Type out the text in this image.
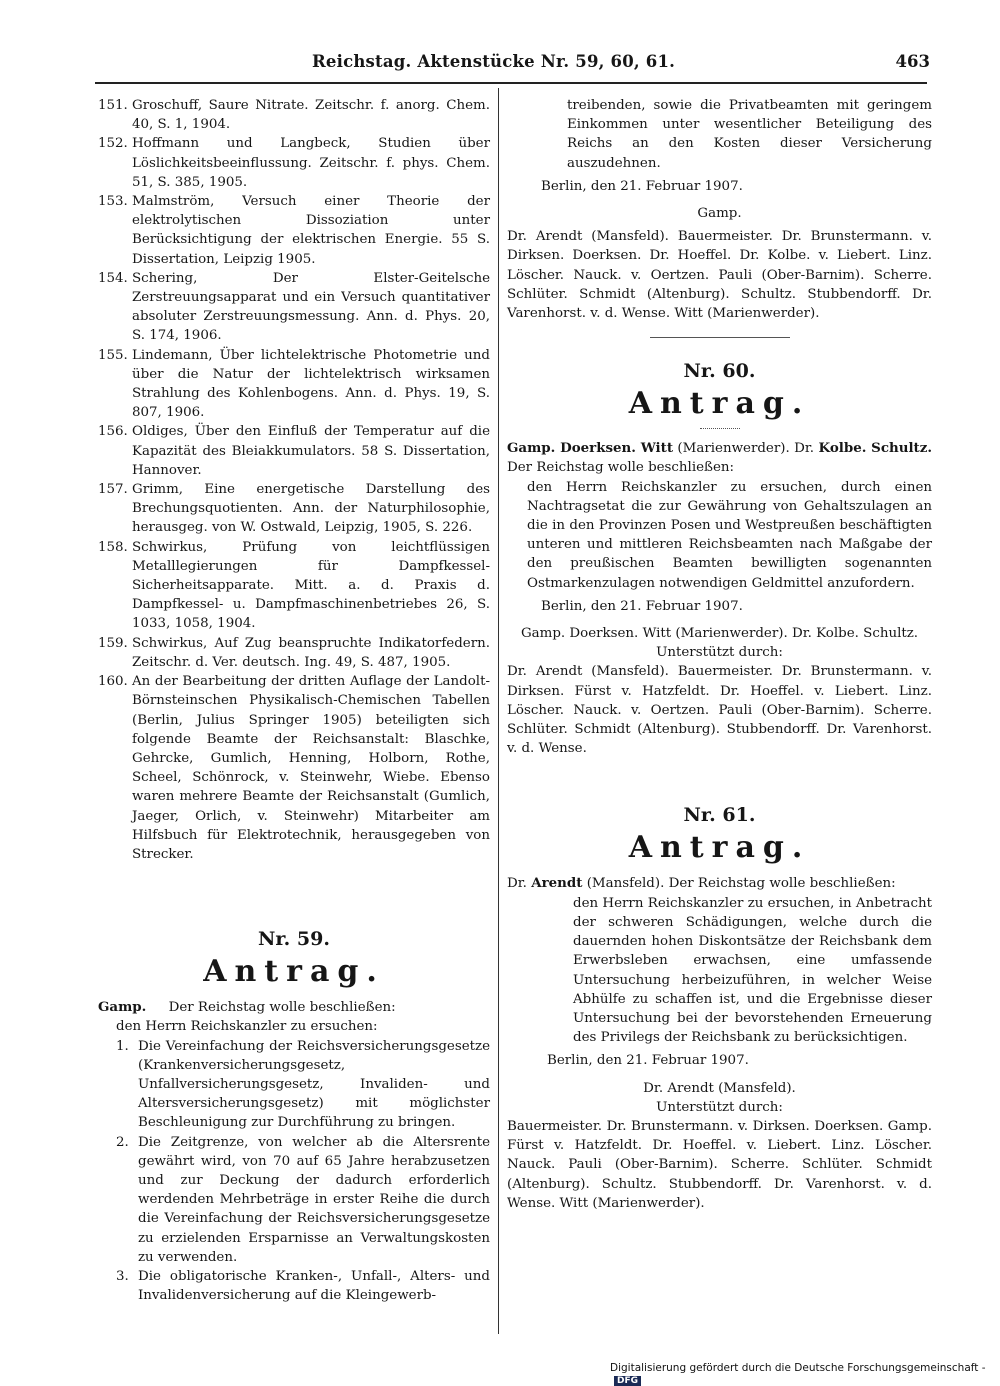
Reichstag. Aktenstücke Nr. 59, 60, 61.	463
151. Groschuff, Saure Nitrate. Zeitschr. f. anorg. Chem. 40, S. 1, 1904.
152. Hoffmann und Langbeck, Studien über Löslichkeitsbeeinflussung. Zeitschr. f. phys. Chem. 51, S. 385, 1905.
153. Malmström, Versuch einer Theorie der elektrolytischen Dissoziation unter Berücksichtigung der elektrischen Energie. 55 S. Dissertation, Leipzig 1905.
154. Schering, Der Elster-Geitelsche Zerstreuungsapparat und ein Versuch quantitativer absoluter Zerstreuungsmessung. Ann. d. Phys. 20, S. 174, 1906.
155. Lindemann, Über lichtelektrische Photometrie und über die Natur der lichtelektrisch wirksamen Strahlung des Kohlenbogens. Ann. d. Phys. 19, S. 807, 1906.
156. Oldiges, Über den Einfluß der Temperatur auf die Kapazität des Bleiakkumulators. 58 S. Dissertation, Hannover.
157. Grimm, Eine energetische Darstellung des Brechungsquotienten. Ann. der Naturphilosophie, herausgeg. von W. Ostwald, Leipzig, 1905, S. 226.
158. Schwirkus, Prüfung von leichtflüssigen Metalllegierungen für Dampfkessel-Sicherheitsapparate. Mitt. a. d. Praxis d. Dampfkessel- u. Dampfmaschinenbetriebes 26, S. 1033, 1058, 1904.
159. Schwirkus, Auf Zug beanspruchte Indikatorfedern. Zeitschr. d. Ver. deutsch. Ing. 49, S. 487, 1905.
160. An der Bearbeitung der dritten Auflage der Landolt-Börnsteinschen Physikalisch-Chemischen Tabellen (Berlin, Julius Springer 1905) beteiligten sich folgende Beamte der Reichsanstalt: Blaschke, Gehrcke, Gumlich, Henning, Holborn, Rothe, Scheel, Schönrock, v. Steinwehr, Wiebe. Ebenso waren mehrere Beamte der Reichsanstalt (Gumlich, Jaeger, Orlich, v. Steinwehr) Mitarbeiter am Hilfsbuch für Elektrotechnik, herausgegeben von Strecker.
Nr. 59.
Antrag.
Gamp. Der Reichstag wolle beschließen:
den Herrn Reichskanzler zu ersuchen:
1. Die Vereinfachung der Reichsversicherungsgesetze (Krankenversicherungsgesetz, Unfallversicherungsgesetz, Invaliden- und Altersversicherungsgesetz) mit möglichster Beschleunigung zur Durchführung zu bringen.
2. Die Zeitgrenze, von welcher ab die Altersrente gewährt wird, von 70 auf 65 Jahre herabzusetzen und zur Deckung der dadurch erforderlich werdenden Mehrbeträge in erster Reihe die durch die Vereinfachung der Reichsversicherungsgesetze zu erzielenden Ersparnisse an Verwaltungskosten zu verwenden.
3. Die obligatorische Kranken-, Unfall-, Alters- und Invalidenversicherung auf die Kleingewerb-
treibenden, sowie die Privatbeamten mit geringem Einkommen unter wesentlicher Beteiligung des Reichs an den Kosten dieser Versicherung auszudehnen.
Berlin, den 21. Februar 1907.
Gamp.
Dr. Arendt (Mansfeld). Bauermeister. Dr. Brunstermann. v. Dirksen. Doerksen. Dr. Hoeffel. Dr. Kolbe. v. Liebert. Linz. Löscher. Nauck. v. Oertzen. Pauli (Ober-Barnim). Scherre. Schlüter. Schmidt (Altenburg). Schultz. Stubbendorff. Dr. Varenhorst. v. d. Wense. Witt (Marienwerder).
Nr. 60.
Antrag.
Gamp. Doerksen. Witt (Marienwerder). Dr. Kolbe. Schultz. Der Reichstag wolle beschließen:
den Herrn Reichskanzler zu ersuchen, durch einen Nachtragsetat die zur Gewährung von Gehaltszulagen an die in den Provinzen Posen und Westpreußen beschäftigten unteren und mittleren Reichsbeamten nach Maßgabe der den preußischen Beamten bewilligten sogenannten Ostmarkenzulagen notwendigen Geldmittel anzufordern.
Berlin, den 21. Februar 1907.
Gamp. Doerksen. Witt (Marienwerder). Dr. Kolbe. Schultz.
Unterstützt durch:
Dr. Arendt (Mansfeld). Bauermeister. Dr. Brunstermann. v. Dirksen. Fürst v. Hatzfeldt. Dr. Hoeffel. v. Liebert. Linz. Löscher. Nauck. v. Oertzen. Pauli (Ober-Barnim). Scherre. Schlüter. Schmidt (Altenburg). Stubbendorff. Dr. Varenhorst. v. d. Wense.
Nr. 61.
Antrag.
Dr. Arendt (Mansfeld). Der Reichstag wolle beschließen:
den Herrn Reichskanzler zu ersuchen, in Anbetracht der schweren Schädigungen, welche durch die dauernden hohen Diskontsätze der Reichsbank dem Erwerbsleben erwachsen, eine umfassende Untersuchung herbeizuführen, in welcher Weise Abhülfe zu schaffen ist, und die Ergebnisse dieser Untersuchung bei der bevorstehenden Erneuerung des Privilegs der Reichsbank zu berücksichtigen.
Berlin, den 21. Februar 1907.
Dr. Arendt (Mansfeld).
Unterstützt durch:
Bauermeister. Dr. Brunstermann. v. Dirksen. Doerksen. Gamp. Fürst v. Hatzfeldt. Dr. Hoeffel. v. Liebert. Linz. Löscher. Nauck. Pauli (Ober-Barnim). Scherre. Schlüter. Schmidt (Altenburg). Schultz. Stubbendorff. Dr. Varenhorst. v. d. Wense. Witt (Marienwerder).
Digitalisierung gefördert durch die Deutsche Forschungsgemeinschaft -DFG
